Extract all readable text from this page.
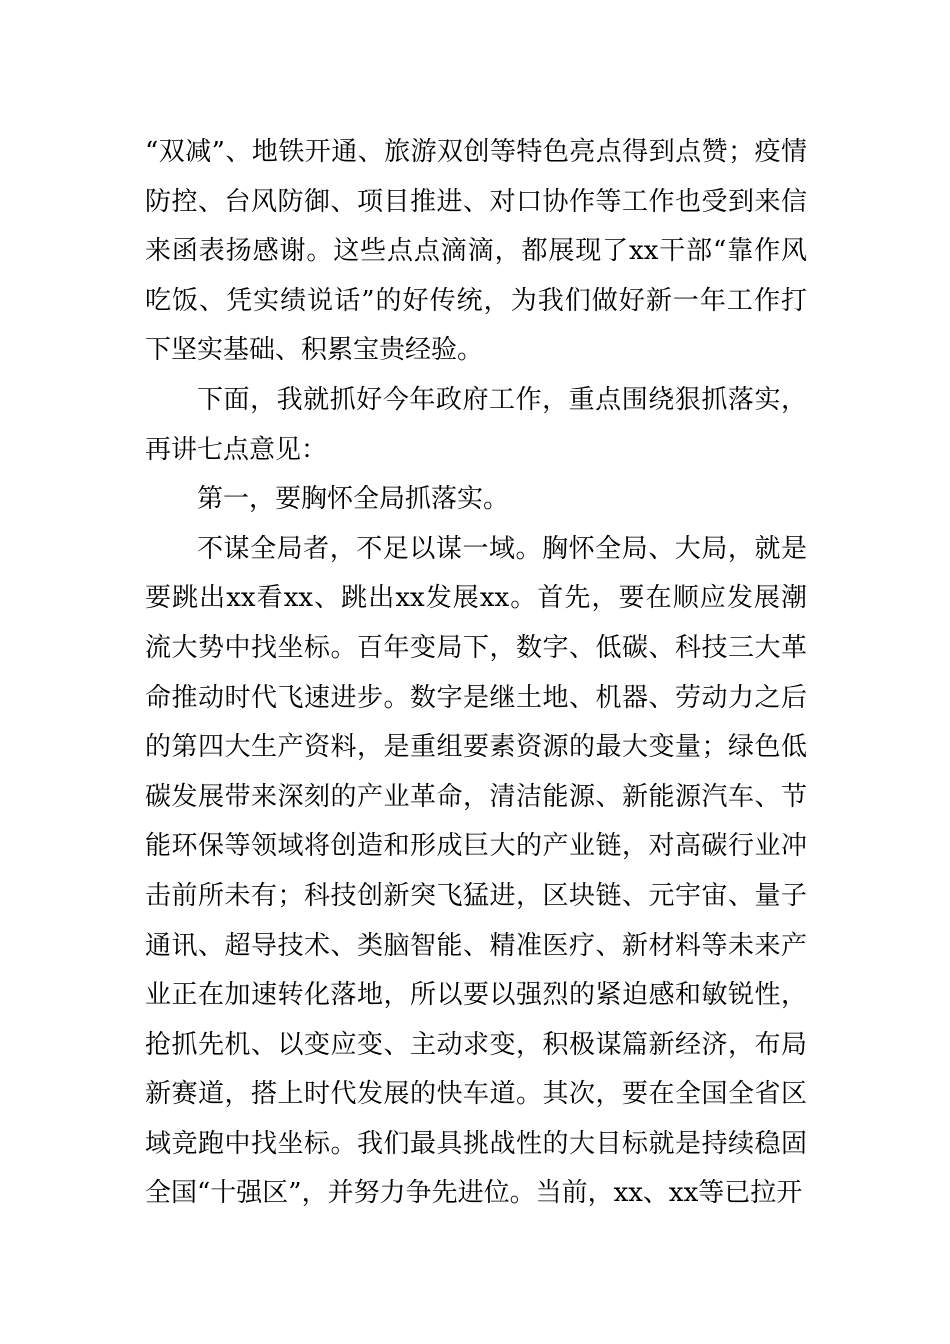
“双减”、地铁开通、旅游双创等特色亮点得到点赞；疫情防控、台风防御、项目推进、对口协作等工作也受到来信来函表扬感谢。这些点点滴滴，都展现了xx干部“靠作风吃饭、凭实绩说话”的好传统，为我们做好新一年工作打下坚实基础、积累宝贵经验。

下面，我就抓好今年政府工作，重点围绕狠抓落实，再讲七点意见：

第一，要胸怀全局抓落实。

不谋全局者，不足以谋一域。胸怀全局、大局，就是要跳出xx看xx、跳出xx发展xx。首先，要在顺应发展潮流大势中找坐标。百年变局下，数字、低碳、科技三大革命推动时代飞速进步。数字是继土地、机器、劳动力之后的第四大生产资料，是重组要素资源的最大变量；绿色低碳发展带来深刻的产业革命，清洁能源、新能源汽车、节能环保等领域将创造和形成巨大的产业链，对高碳行业冲击前所未有；科技创新突飞猛进，区块链、元宇宙、量子通讯、超导技术、类脑智能、精准医疗、新材料等未来产业正在加速转化落地，所以要以强烈的紧迫感和敏锐性，抢抓先机、以变应变、主动求变，积极谋篇新经济，布局新赛道，搭上时代发展的快车道。其次，要在全国全省区域竞跑中找坐标。我们最具挑战性的大目标就是持续稳固全国“十强区”，并努力争先进位。当前，xx、xx等已拉开
